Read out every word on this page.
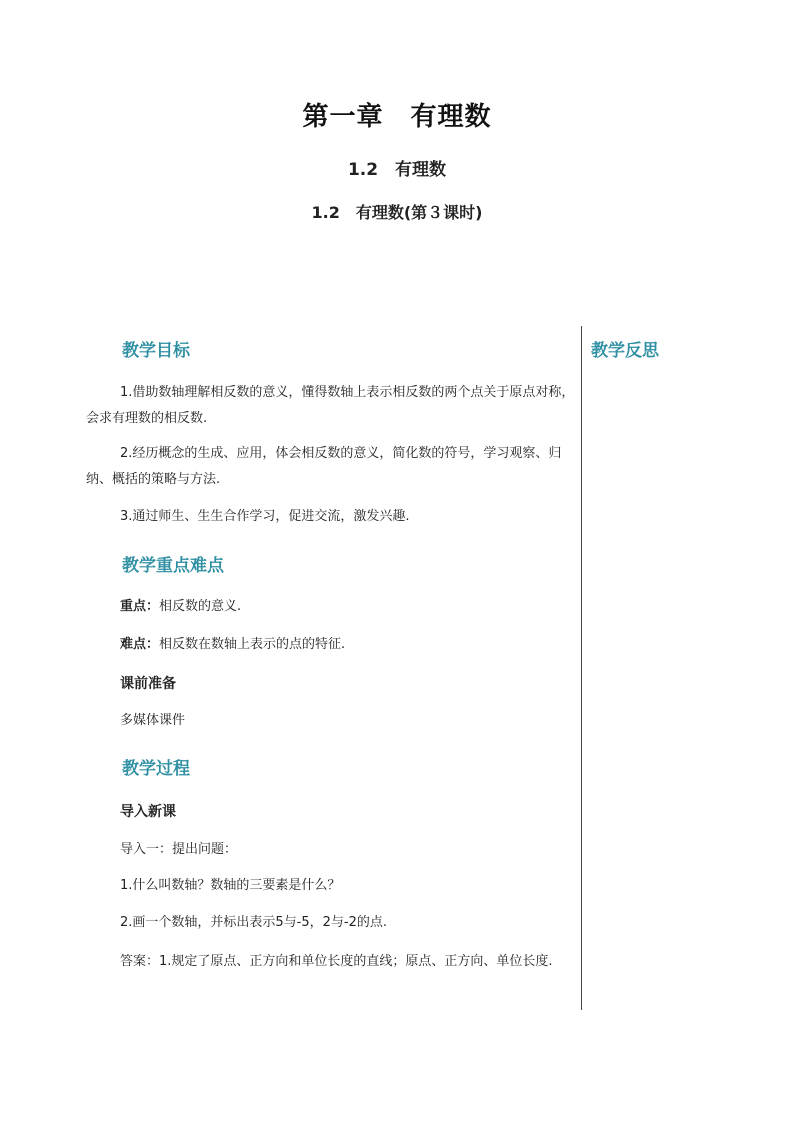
第一章　有理数
1.2　有理数
1.2　有理数(第３课时)
教学反思
教学目标
1.借助数轴理解相反数的意义，懂得数轴上表示相反数的两个点关于原点对称，会求有理数的相反数.
2.经历概念的生成、应用，体会相反数的意义，简化数的符号，学习观察、归纳、概括的策略与方法.
3.通过师生、生生合作学习，促进交流，激发兴趣.
教学重点难点
重点：相反数的意义.
难点：相反数在数轴上表示的点的特征.
课前准备
多媒体课件
教学过程
导入新课
导入一：提出问题：
1.什么叫数轴？数轴的三要素是什么？
2.画一个数轴，并标出表示5与-5，2与-2的点.
答案：1.规定了原点、正方向和单位长度的直线；原点、正方向、单位长度.
